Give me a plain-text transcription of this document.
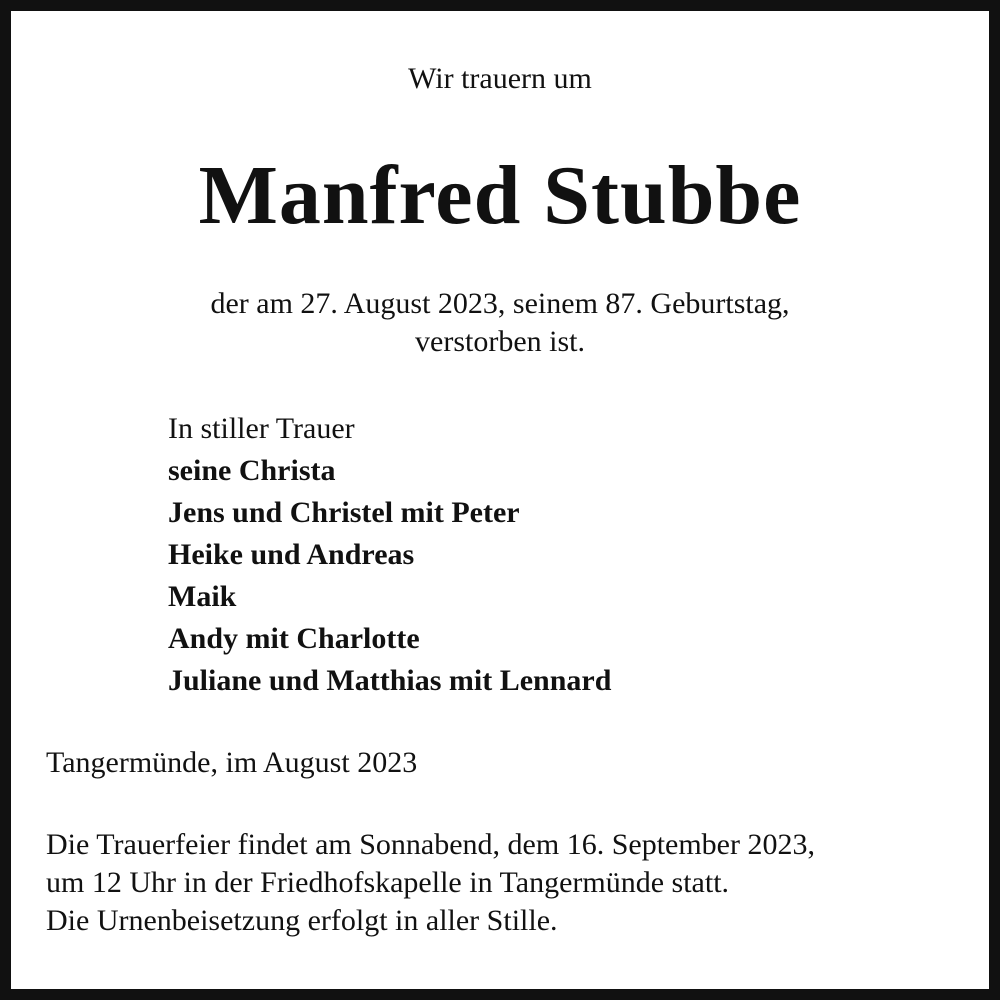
Wir trauern um

Manfred Stubbe

der am 27. August 2023, seinem 87. Geburtstag,

verstorben ist.

In stiller Trauer
seine Christa
Jens und Christel mit Peter
Heike und Andreas
Maik
Andy mit Charlotte
Juliane und Matthias mit Lennard

Tangermünde, im August 2023

Die Trauerfeier findet am Sonnabend, dem 16. September 2023,
um 12 Uhr in der Friedhofskapelle in Tangermünde statt.
Die Urnenbeisetzung erfolgt in aller Stille.
